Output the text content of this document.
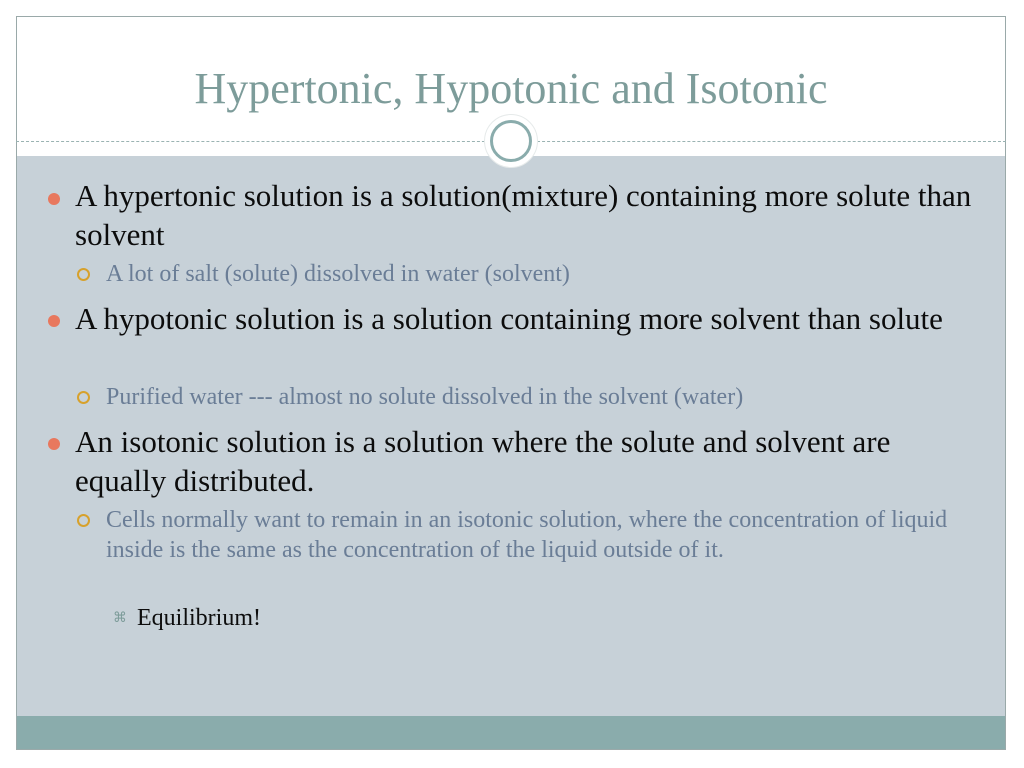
Hypertonic, Hypotonic and Isotonic
A hypertonic solution is a solution(mixture) containing more solute than solvent
A lot of salt (solute) dissolved in water (solvent)
A hypotonic solution is a solution containing more solvent than solute
Purified water --- almost no solute dissolved in the solvent (water)
An isotonic solution is a solution where the solute and solvent are equally distributed.
Cells normally want to remain in an isotonic solution, where the concentration of liquid inside is the same as the concentration of the liquid outside of it.
⌘ Equilibrium!
